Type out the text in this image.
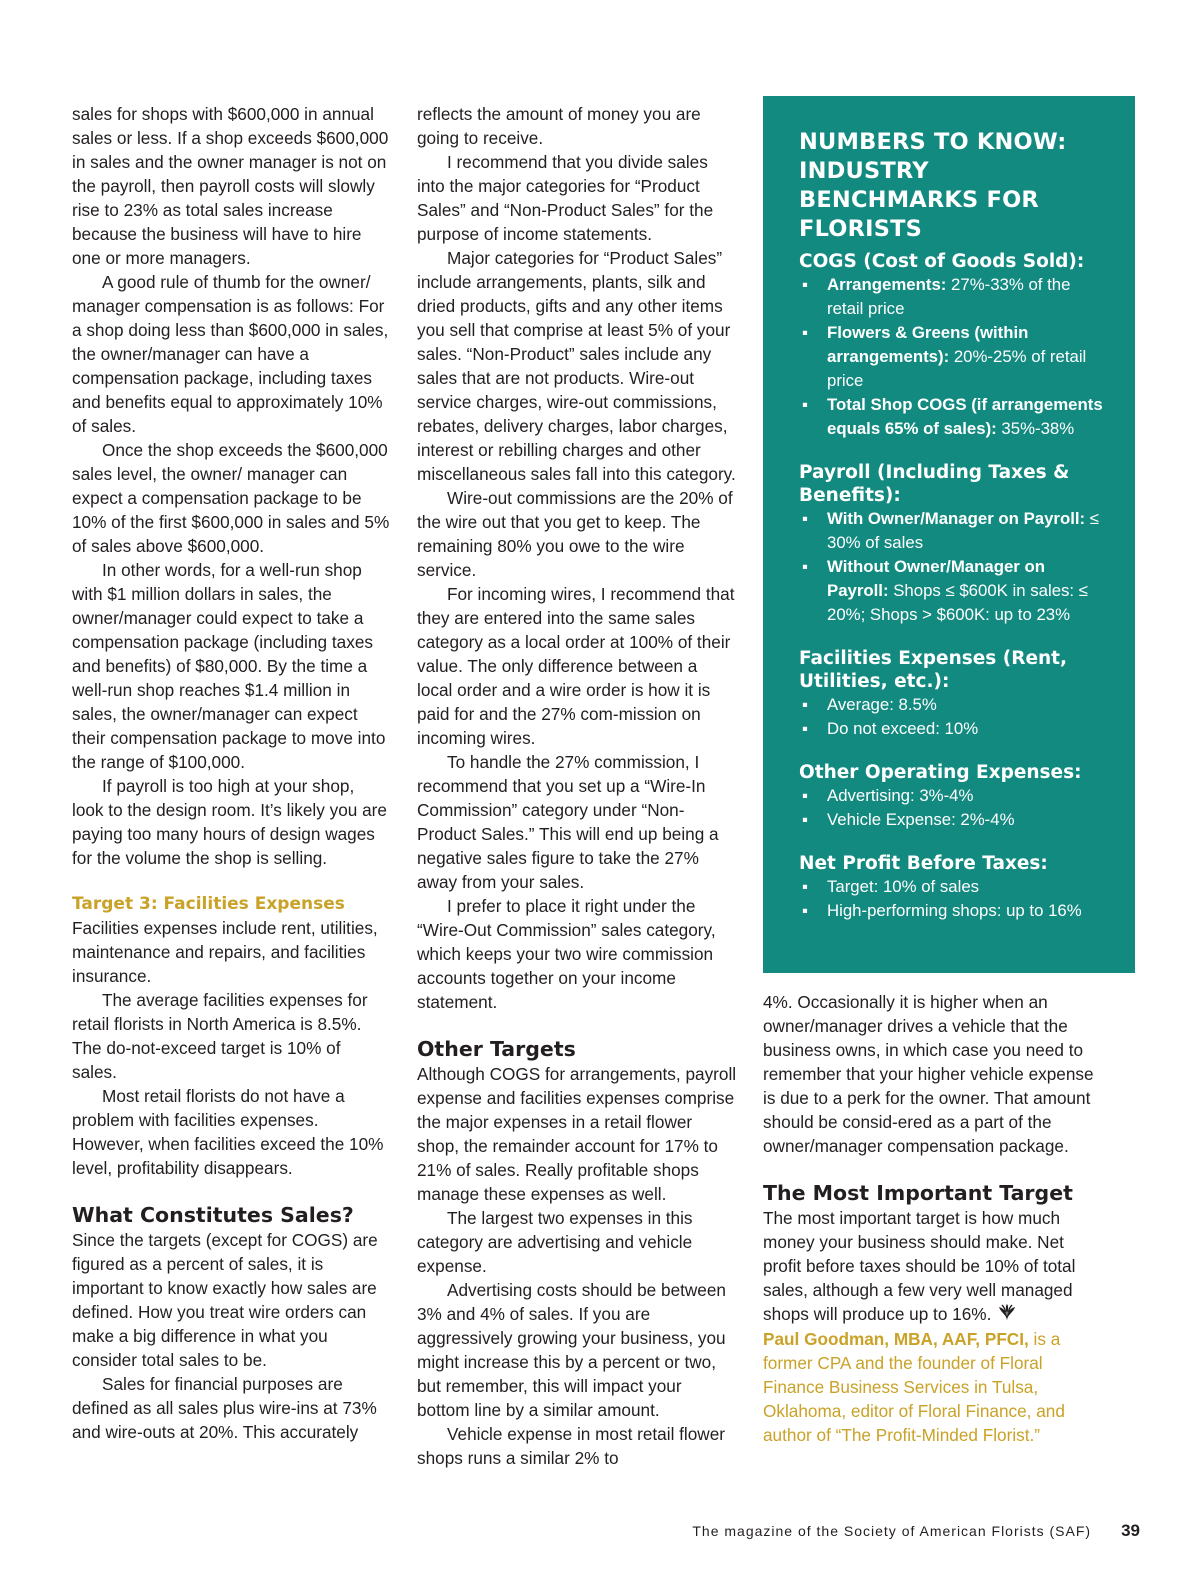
sales for shops with $600,000 in annual sales or less. If a shop exceeds $600,000 in sales and the owner manager is not on the payroll, then payroll costs will slowly rise to 23% as total sales increase because the business will have to hire one or more managers.

A good rule of thumb for the owner/ manager compensation is as follows: For a shop doing less than $600,000 in sales, the owner/manager can have a compensation package, including taxes and benefits equal to approximately 10% of sales.

Once the shop exceeds the $600,000 sales level, the owner/ manager can expect a compensation package to be 10% of the first $600,000 in sales and 5% of sales above $600,000.

In other words, for a well-run shop with $1 million dollars in sales, the owner/manager could expect to take a compensation package (including taxes and benefits) of $80,000. By the time a well-run shop reaches $1.4 million in sales, the owner/manager can expect their compensation package to move into the range of $100,000.

If payroll is too high at your shop, look to the design room. It’s likely you are paying too many hours of design wages for the volume the shop is selling.

Target 3: Facilities Expenses

Facilities expenses include rent, utilities, maintenance and repairs, and facilities insurance.

The average facilities expenses for retail florists in North America is 8.5%. The do-not-exceed target is 10% of sales.

Most retail florists do not have a problem with facilities expenses. However, when facilities exceed the 10% level, profitability disappears.

What Constitutes Sales?

Since the targets (except for COGS) are figured as a percent of sales, it is important to know exactly how sales are defined. How you treat wire orders can make a big difference in what you consider total sales to be.

Sales for financial purposes are defined as all sales plus wire-ins at 73% and wire-outs at 20%. This accurately

reflects the amount of money you are going to receive.

I recommend that you divide sales into the major categories for “Product Sales” and “Non-Product Sales” for the purpose of income statements.

Major categories for “Product Sales” include arrangements, plants, silk and dried products, gifts and any other items you sell that comprise at least 5% of your sales. “Non-Product” sales include any sales that are not products. Wire-out service charges, wire-out commissions, rebates, delivery charges, labor charges, interest or rebilling charges and other miscellaneous sales fall into this category.

Wire-out commissions are the 20% of the wire out that you get to keep. The remaining 80% you owe to the wire service.

For incoming wires, I recommend that they are entered into the same sales category as a local order at 100% of their value. The only difference between a local order and a wire order is how it is paid for and the 27% com-mission on incoming wires.

To handle the 27% commission, I recommend that you set up a “Wire-In Commission” category under “Non-Product Sales.” This will end up being a negative sales figure to take the 27% away from your sales.

I prefer to place it right under the “Wire-Out Commission” sales category, which keeps your two wire commission accounts together on your income statement.

Other Targets

Although COGS for arrangements, payroll expense and facilities expenses comprise the major expenses in a retail flower shop, the remainder account for 17% to 21% of sales. Really profitable shops manage these expenses as well.

The largest two expenses in this category are advertising and vehicle expense.

Advertising costs should be between 3% and 4% of sales. If you are aggressively growing your business, you might increase this by a percent or two, but remember, this will impact your bottom line by a similar amount.

Vehicle expense in most retail flower shops runs a similar 2% to

NUMBERS TO KNOW: INDUSTRY BENCHMARKS FOR FLORISTS
COGS (Cost of Goods Sold):
▪ Arrangements: 27%-33% of the retail price
▪ Flowers & Greens (within arrangements): 20%-25% of retail price
▪ Total Shop COGS (if arrangements equals 65% of sales): 35%-38%
Payroll (Including Taxes & Benefits):
▪ With Owner/Manager on Payroll: ≤ 30% of sales
▪ Without Owner/Manager on Payroll: Shops ≤ $600K in sales: ≤ 20%; Shops > $600K: up to 23%
Facilities Expenses (Rent, Utilities, etc.):
▪ Average: 8.5%
▪ Do not exceed: 10%
Other Operating Expenses:
▪ Advertising: 3%-4%
▪ Vehicle Expense: 2%-4%
Net Profit Before Taxes:
▪ Target: 10% of sales
▪ High-performing shops: up to 16%

4%. Occasionally it is higher when an owner/manager drives a vehicle that the business owns, in which case you need to remember that your higher vehicle expense is due to a perk for the owner. That amount should be consid-ered as a part of the owner/manager compensation package.

The Most Important Target

The most important target is how much money your business should make. Net profit before taxes should be 10% of total sales, although a few very well managed shops will produce up to 16%.

Paul Goodman, MBA, AAF, PFCI, is a former CPA and the founder of Floral Finance Business Services in Tulsa, Oklahoma, editor of Floral Finance, and author of “The Profit-Minded Florist.”

The magazine of the Society of American Florists (SAF) 39
